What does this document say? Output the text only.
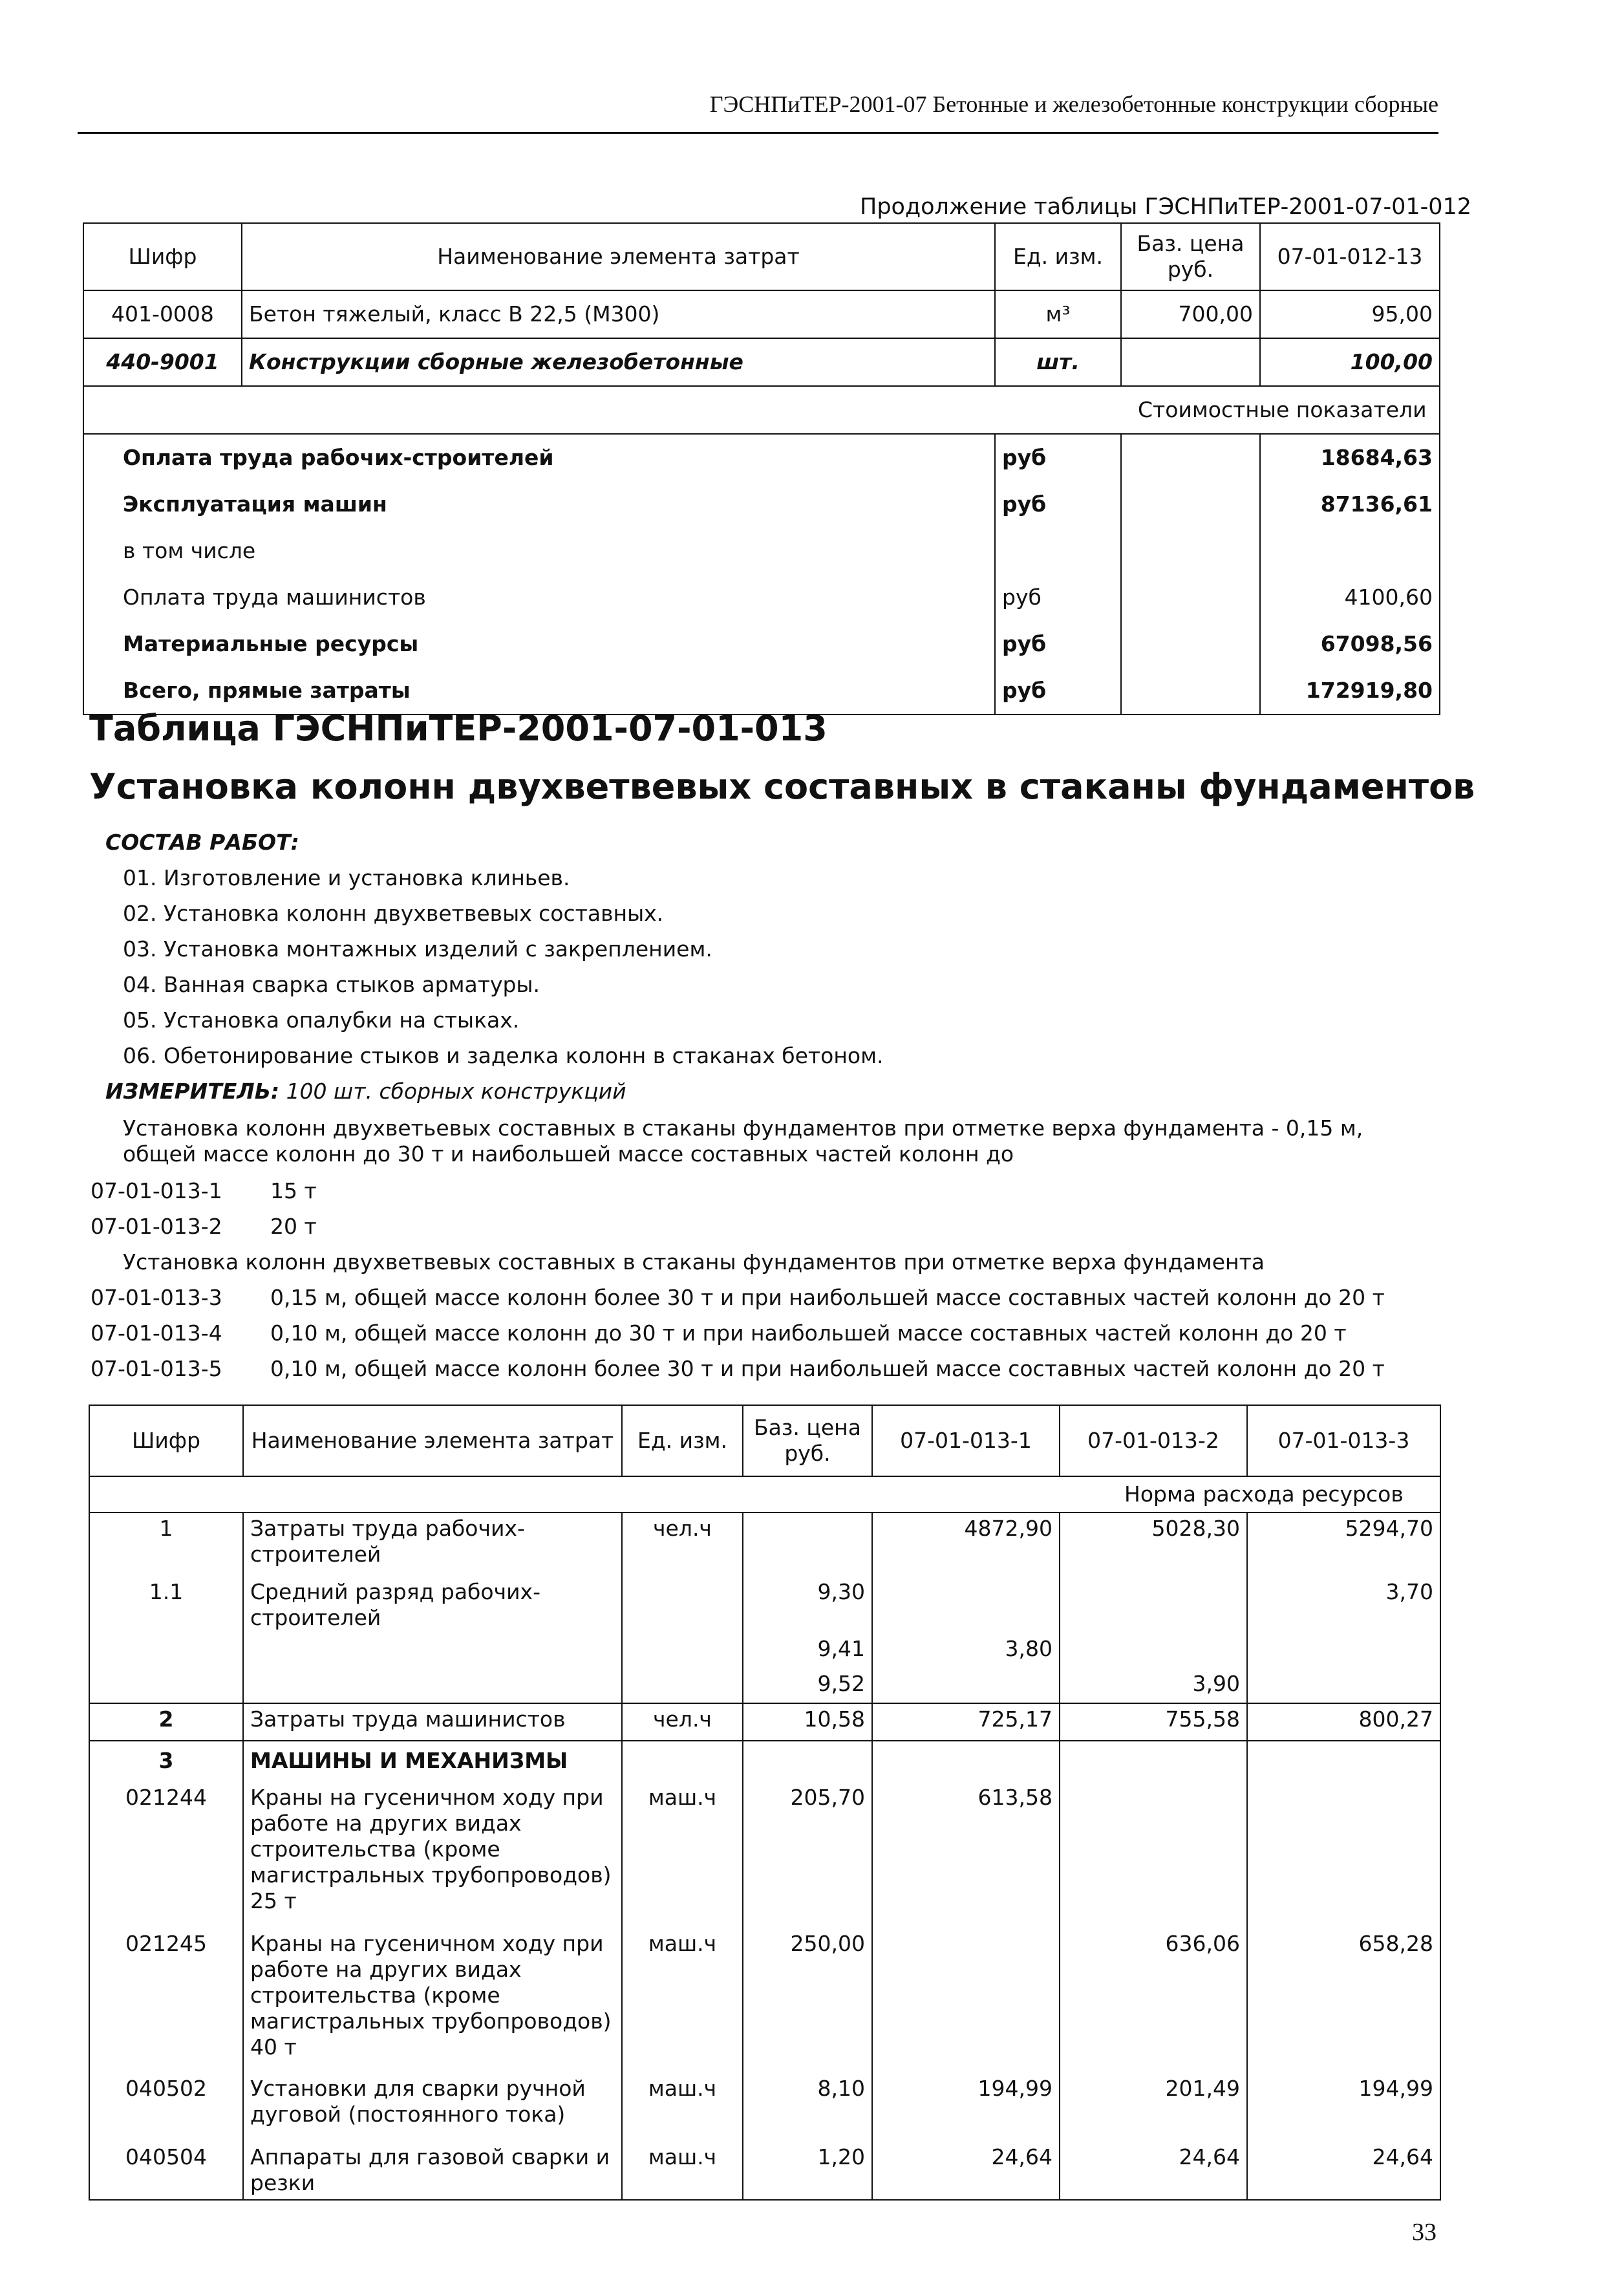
ГЭСНПиТЕР-2001-07 Бетонные и железобетонные конструкции сборные
Продолжение таблицы ГЭСНПиТЕР-2001-07-01-012
Шифр	Наименование элемента затрат	Ед. изм.	Баз. цена руб.	07-01-012-13
401-0008	Бетон тяжелый, класс В 22,5 (М300)	м³	700,00	95,00
440-9001	Конструкции сборные железобетонные	шт.		100,00
Стоимостные показатели				
Оплата труда рабочих-строителей		руб		18684,63
Эксплуатация машин		руб		87136,61
в том числе				
Оплата труда машинистов		руб		4100,60
Материальные ресурсы		руб		67098,56
Всего, прямые затраты		руб		172919,80
Таблица ГЭСНПиТЕР-2001-07-01-013
Установка колонн двухветвевых составных в стаканы фундаментов
СОСТАВ РАБОТ:
01. Изготовление и установка клиньев.
02. Установка колонн двухветвевых составных.
03. Установка монтажных изделий с закреплением.
04. Ванная сварка стыков арматуры.
05. Установка опалубки на стыках.
06. Обетонирование стыков и заделка колонн в стаканах бетоном.
ИЗМЕРИТЕЛЬ: 100 шт. сборных конструкций
Установка колонн двухветьевых составных в стаканы фундаментов при отметке верха фундамента - 0,15 м,
общей массе колонн до 30 т и наибольшей массе составных частей колонн до
07-01-013-1 15 т
07-01-013-2 20 т
Установка колонн двухветвевых составных в стаканы фундаментов при отметке верха фундамента
07-01-013-3 0,15 м, общей массе колонн более 30 т и при наибольшей массе составных частей колонн до 20 т
07-01-013-4 0,10 м, общей массе колонн до 30 т и при наибольшей массе составных частей колонн до 20 т
07-01-013-5 0,10 м, общей массе колонн более 30 т и при наибольшей массе составных частей колонн до 20 т
Шифр	Наименование элемента затрат	Ед. изм.	Баз. цена руб.	07-01-013-1	07-01-013-2	07-01-013-3
Норма расхода ресурсов						
1	Затраты труда рабочих-строителей	чел.ч		4872,90	5028,30	5294,70
1.1	Средний разряд рабочих-строителей		9,30			3,70
			9,41	3,80		
			9,52		3,90	
2	Затраты труда машинистов	чел.ч	10,58	725,17	755,58	800,27
3	МАШИНЫ И МЕХАНИЗМЫ					
021244	Краны на гусеничном ходу при работе на других видах строительства (кроме магистральных трубопроводов) 25 т	маш.ч	205,70	613,58		
021245	Краны на гусеничном ходу при работе на других видах строительства (кроме магистральных трубопроводов) 40 т	маш.ч	250,00		636,06	658,28
040502	Установки для сварки ручной дуговой (постоянного тока)	маш.ч	8,10	194,99	201,49	194,99
040504	Аппараты для газовой сварки и резки	маш.ч	1,20	24,64	24,64	24,64
33
